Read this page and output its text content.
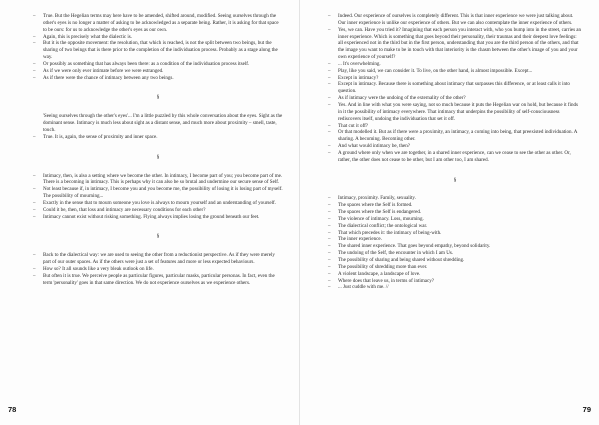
– True. But the Hegelian terms may here have to be amended, shifted around, modified. Seeing ourselves through the other's eyes is no longer a matter of asking to be acknowledged as a separate being. Rather, it is asking for that space to be ours: for us to acknowledge the other's eyes as our own.

– Again, this is precisely what the dialectic is.

– But it is the opposite movement: the resolution, that which is reached, is not the split between two beings, but the sharing of two beings that is there prior to the completion of the individuation process. Probably as a stage along the way.

– Or possibly as something that has always been there: as a condition of the individuation process itself.

– As if we were only ever intimate before we were estranged.

– As if there were the chance of intimacy between any two beings.

§

'Seeing ourselves through the other's eyes'... I'm a little puzzled by this whole conversation about the eyes. Sight as the dominant sense. Intimacy is much less about sight as a distant sense, and much more about proximity – smell, taste, touch.

– True. It is, again, the sense of proximity and inner space.

§

– Intimacy, then, is also a setting where we become the other. In intimacy, I become part of you; you become part of me. There is a becoming in intimacy. This is perhaps why it can also be so brutal and undermine our secure sense of Self.

– Not least because if, in intimacy, I become you and you become me, the possibility of losing it is losing part of myself. The possibility of mourning...

– Exactly in the sense that to mourn someone you love is always to mourn yourself and an understanding of yourself.

– Could it be, then, that loss and intimacy are necessary conditions for each other?

– Intimacy cannot exist without risking something. Flying always implies losing the ground beneath our feet.

§

– Back to the dialectical way: we are used to seeing the other from a reductionist perspective. As if they were merely part of our outer spaces. As if the others were just a set of features and more or less expected behaviours.

– How so? It all sounds like a very bleak outlook on life.

– But often it is true. We perceive people as particular figures, particular masks, particular personas. In fact, even the term 'personality' goes in that same direction. We do not experience ourselves as we experience others.

78

– Indeed. Our experience of ourselves is completely different. This is that inner experience we were just talking about. Our inner experience is unlike our experience of others. But we can also contemplate the inner experience of others.

– Yes, we can. Have you tried it? Imagining that each person you interact with, who you bump into in the street, carries an inner experience. Which is something that goes beyond their personality, their traumas and their deepest love feelings: all experienced not in the third but in the first person, understanding that you are the third person of the others, and that the image you want to make to be in touch with that interiority is the chasm between the other's image of you and your own experience of yourself?

– ... It's overwhelming.

– Play, like you said, we can consider it. To live, on the other hand, is almost impossible. Except...

– Except in intimacy?

– Except in intimacy. Because there is something about intimacy that surpasses this difference, or at least calls it into question.

– As if intimacy were the undoing of the externality of the other?

– Yes. And in line with what you were saying, not so much because it puts the Hegelian war on hold, but because it finds in it the possibility of intimacy everywhere. That intimacy that underpins the possibility of self-consciousness rediscovers itself, undoing the individuation that set it off.

– That cut it off?

– Or that modelled it. But as if there were a proximity, an intimacy, a coming into being, that preexisted individuation. A sharing. A becoming. Becoming other.

– And what would intimacy be, then?

– A ground where only when we are together, in a shared inner experience, can we cease to see the other as other. Or, rather, the other does not cease to be other, but I am other too, I am shared.

§

– Intimacy, proximity. Family, sexuality.

– The spaces where the Self is formed.

– The spaces where the Self is endangered.

– The violence of intimacy. Loss, mourning.

– The dialectical conflict; the ontological war.

– That which precedes it: the intimacy of being-with.

– The inner experience.

– The shared inner experience. That goes beyond empathy, beyond solidarity.

– The undoing of the Self, the encounter in which I am Us.

– The possibility of sharing and being shared without shredding.

– The possibility of shredding more than ever.

– A violent landscape, a landscape of love.

– Where does that leave us, in terms of intimacy?

– ... Just cuddle with me. //

79
